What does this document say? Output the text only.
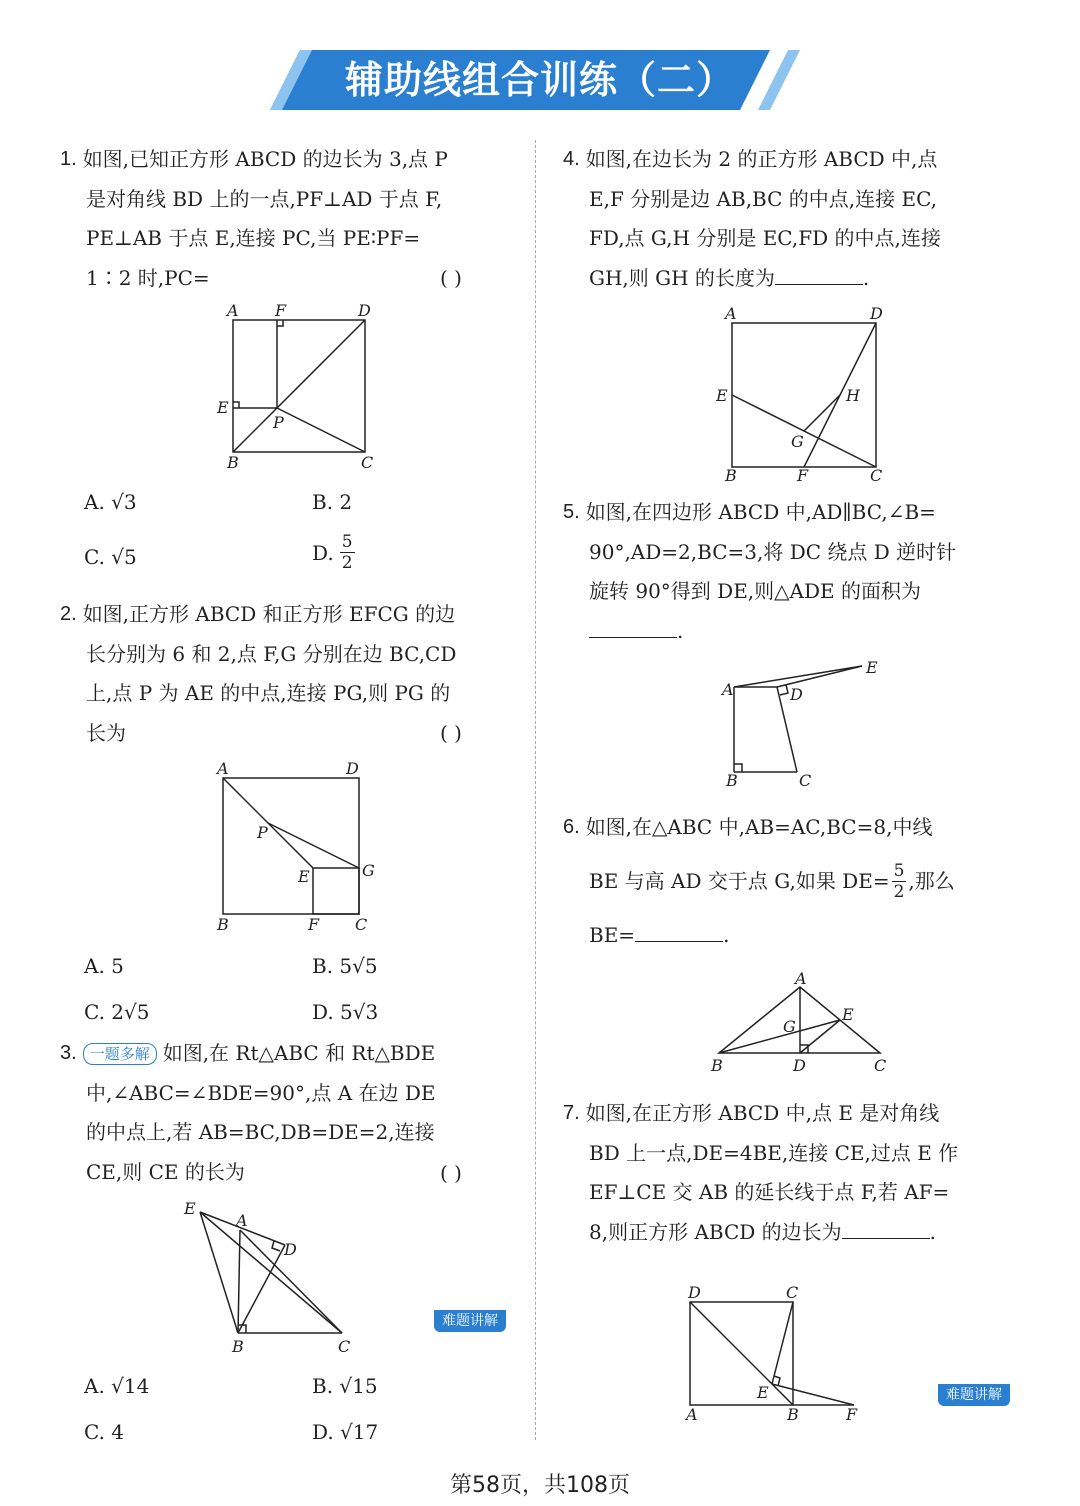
辅助线组合训练（二）
1. 如图,已知正方形 ABCD 的边长为 3,点 P
是对角线 BD 上的一点,PF⊥AD 于点 F,
PE⊥AB 于点 E,连接 PC,当 PE∶PF=
1∶2 时,PC=	( )
A F	D
E
P
B	C
A. √3	B. 2
C. √5	D. $\frac{5}{2}$
2. 如图,正方形 ABCD 和正方形 EFCG 的边
长分别为 6 和 2,点 F,G 分别在边 BC,CD
上,点 P 为 AE 的中点,连接 PG,则 PG 的
长为	( )
A	D
P
G
E
B	F C
A. 5	B. 5√5
C. 2√5	D. 5√3
3. 一题多解 如图,在 Rt△ABC 和 Rt△BDE
中,∠ABC=∠BDE=90°,点 A 在边 DE
的中点上,若 AB=BC,DB=DE=2,连接
CE,则 CE 的长为	( )
E
A
D
B	C
难题讲解
A. √14	B. √15
C. 4	D. √17
4. 如图,在边长为 2 的正方形 ABCD 中,点
E,F 分别是边 AB,BC 的中点,连接 EC,
FD,点 G,H 分别是 EC,FD 的中点,连接
GH,则 GH 的长度为	.
A	D
E	H
G
B	F	C
5. 如图,在四边形 ABCD 中,AD∥BC,∠B=
90°,AD=2,BC=3,将 DC 绕点 D 逆时针
旋转 90°得到 DE,则△ADE 的面积为
.
E
A	D
B	C
6. 如图,在△ABC 中,AB=AC,BC=8,中线
BE 与高 AD 交于点 G,如果 $DE= \frac{5}{2}$ ,那么
BE=	.
A
G
E
B	D	C
7. 如图,在正方形 ABCD 中,点 E 是对角线
BD 上一点,DE=4BE,连接 CE,过点 E 作
EF⊥CE 交 AB 的延长线于点 F,若 AF=
8,则正方形 ABCD 的边长为	.
D	C
E
A	B	F
难题讲解
第58页，共108页
